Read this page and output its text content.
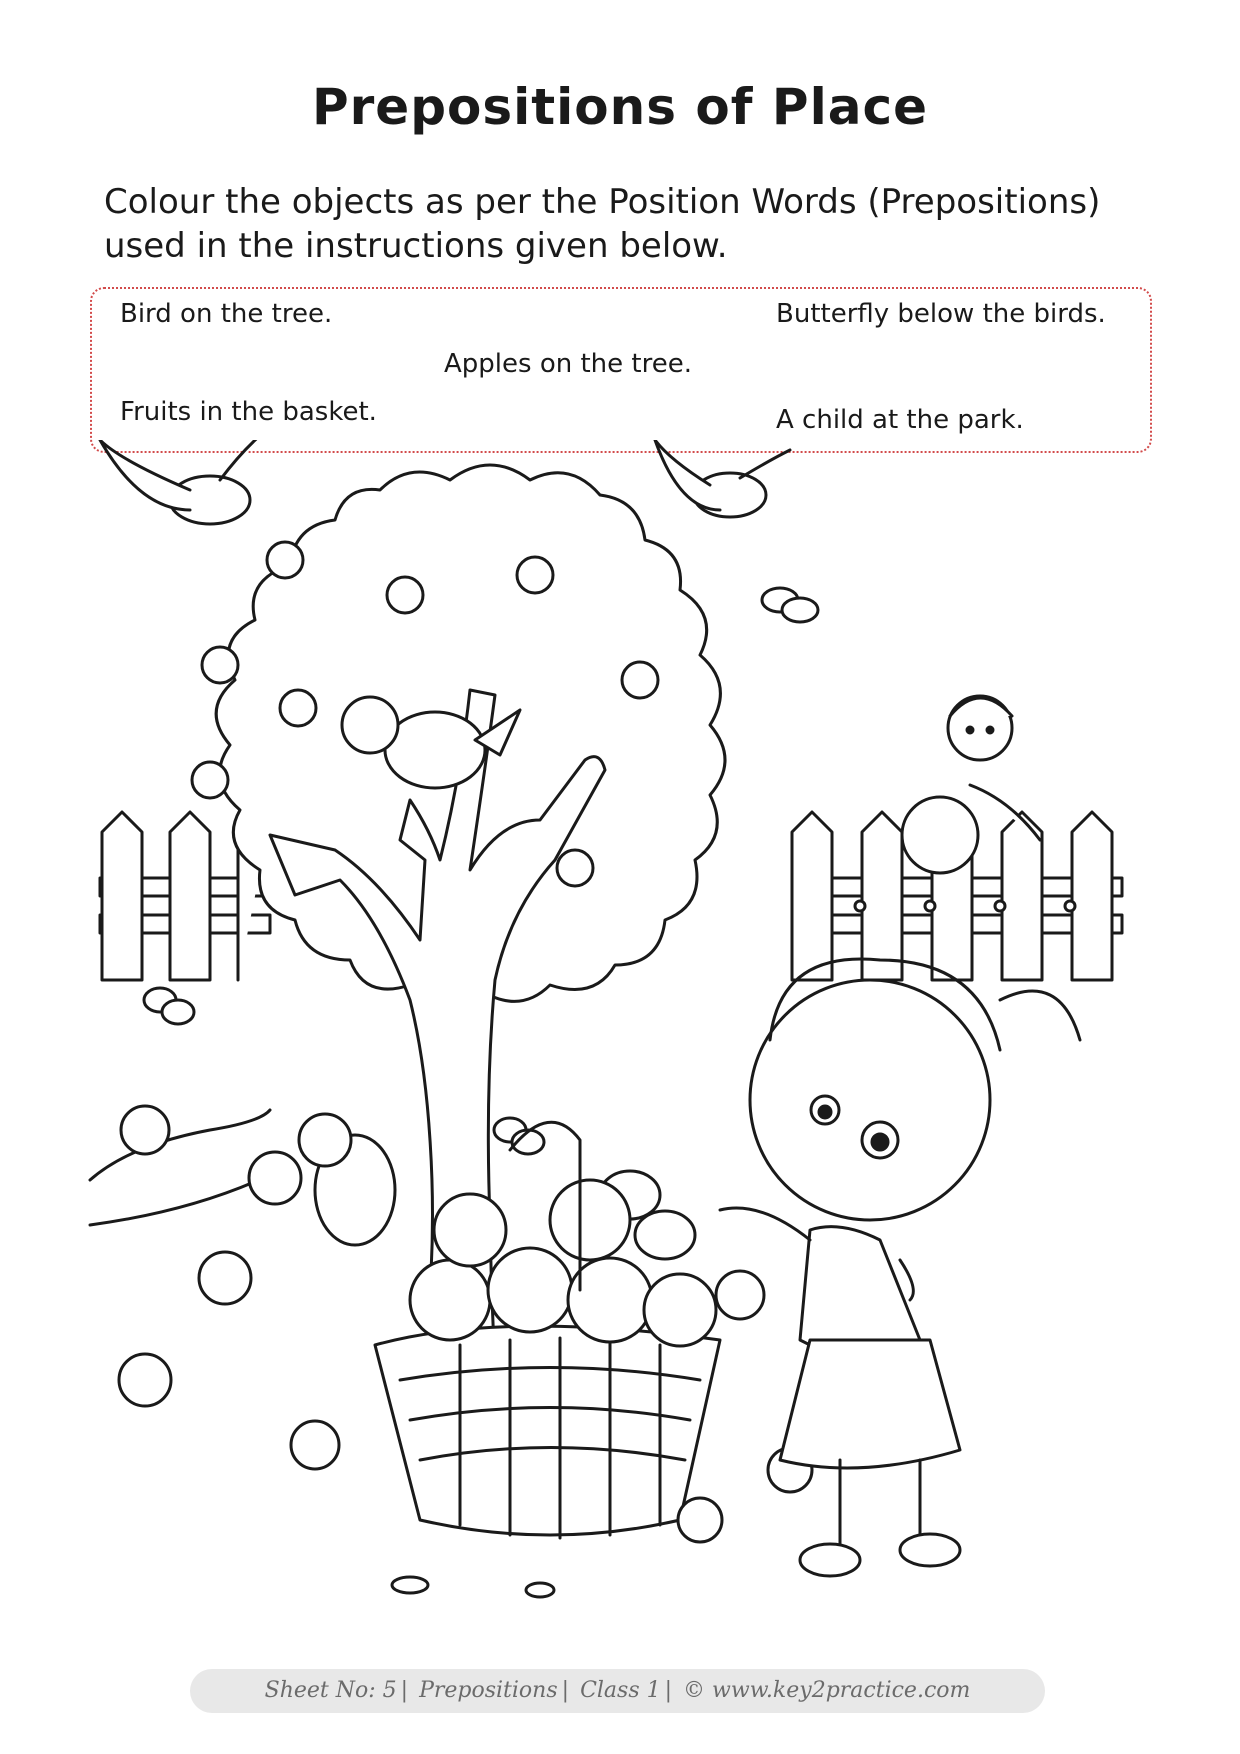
Prepositions of Place
Colour the objects as per the Position Words (Prepositions) used in the instructions given below.
Bird on the tree.	Butterfly below the birds.
Apples on the tree.
Fruits in the basket.	A child at the park.
Sheet No: 5 | Prepositions | Class 1 | © www.key2practice.com
